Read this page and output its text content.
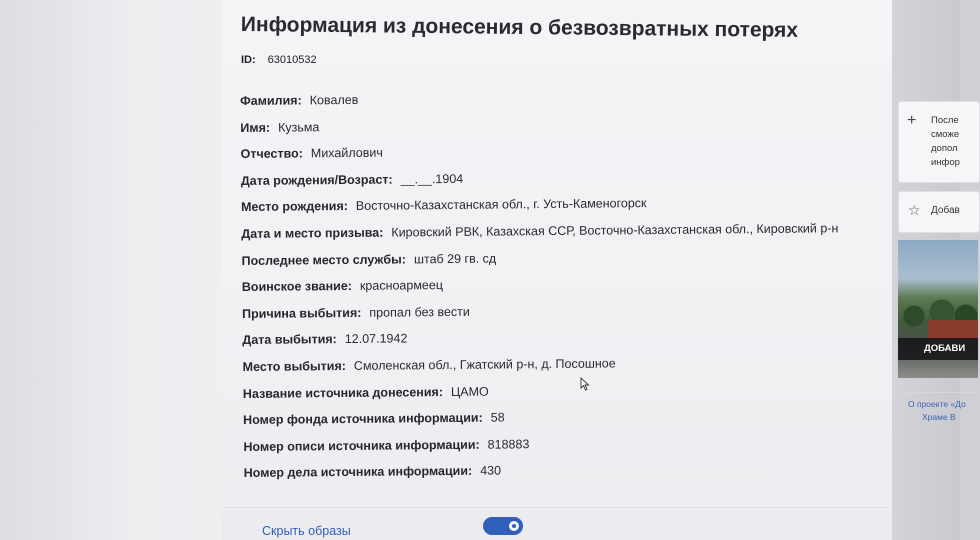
Информация из донесения о безвозвратных потерях
ID: 63010532
Фамилия: Ковалев
Имя: Кузьма
Отчество: Михайлович
Дата рождения/Возраст: __.__.1904
Место рождения: Восточно-Казахстанская обл., г. Усть-Каменогорск
Дата и место призыва: Кировский РВК, Казахская ССР, Восточно-Казахстанская обл., Кировский р-н
Последнее место службы: штаб 29 гв. сд
Воинское звание: красноармеец
Причина выбытия: пропал без вести
Дата выбытия: 12.07.1942
Место выбытия: Смоленская обл., Гжатский р-н, д. Посошное
Название источника донесения: ЦАМО
Номер фонда источника информации: 58
Номер описи источника информации: 818883
Номер дела источника информации: 430
Скрыть образы
+ После
сможе
допол
инфор
☆ Добав
ДОБАВИ
О проекте «До
Храме В
